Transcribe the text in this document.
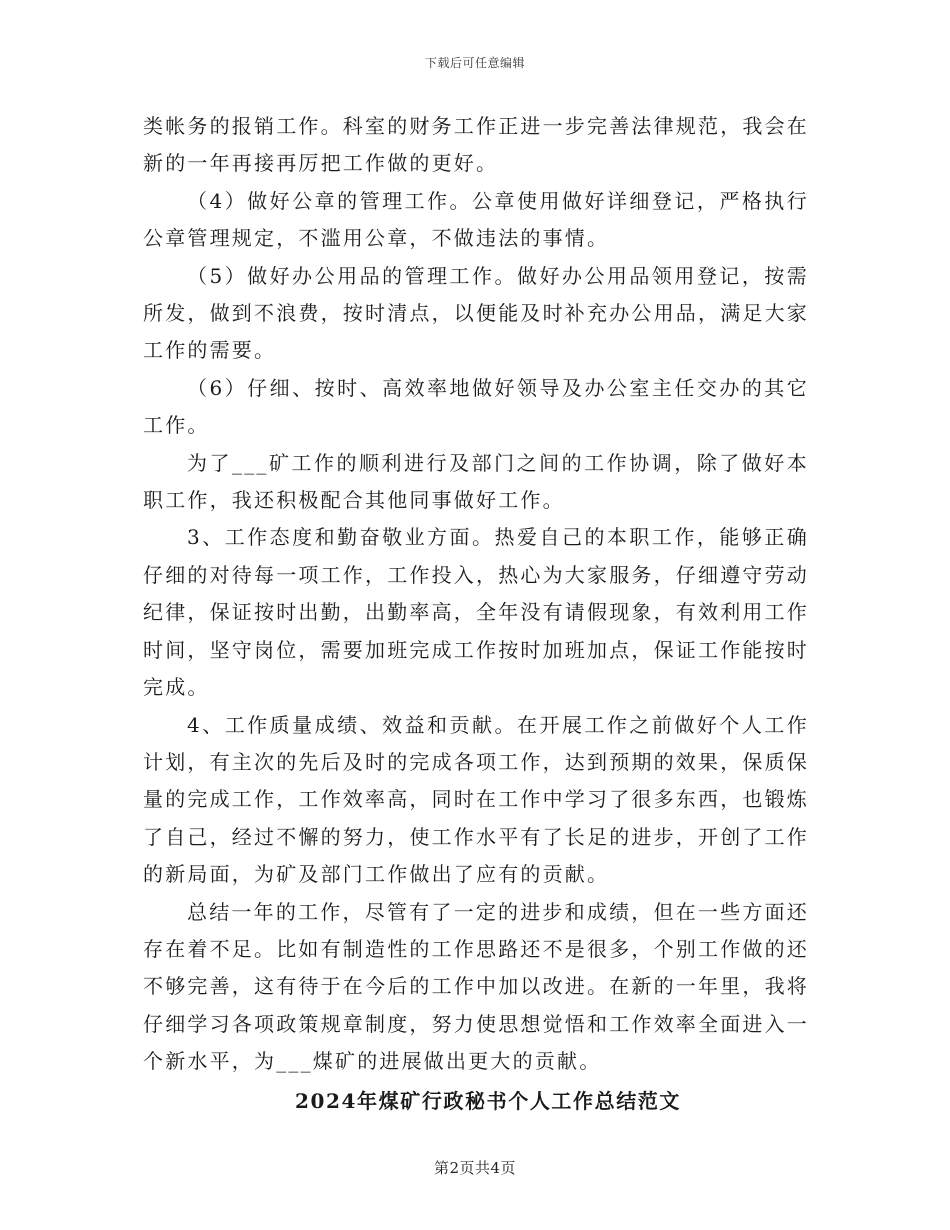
下载后可任意编辑

类帐务的报销工作。科室的财务工作正进一步完善法律规范，我会在新的一年再接再厉把工作做的更好。

（4）做好公章的管理工作。公章使用做好详细登记，严格执行公章管理规定，不滥用公章，不做违法的事情。

（5）做好办公用品的管理工作。做好办公用品领用登记，按需所发，做到不浪费，按时清点，以便能及时补充办公用品，满足大家工作的需要。

（6）仔细、按时、高效率地做好领导及办公室主任交办的其它工作。

为了___矿工作的顺利进行及部门之间的工作协调，除了做好本职工作，我还积极配合其他同事做好工作。

3、工作态度和勤奋敬业方面。热爱自己的本职工作，能够正确仔细的对待每一项工作，工作投入，热心为大家服务，仔细遵守劳动纪律，保证按时出勤，出勤率高，全年没有请假现象，有效利用工作时间，坚守岗位，需要加班完成工作按时加班加点，保证工作能按时完成。

4、工作质量成绩、效益和贡献。在开展工作之前做好个人工作计划，有主次的先后及时的完成各项工作，达到预期的效果，保质保量的完成工作，工作效率高，同时在工作中学习了很多东西，也锻炼了自己，经过不懈的努力，使工作水平有了长足的进步，开创了工作的新局面，为矿及部门工作做出了应有的贡献。

总结一年的工作，尽管有了一定的进步和成绩，但在一些方面还存在着不足。比如有制造性的工作思路还不是很多，个别工作做的还不够完善，这有待于在今后的工作中加以改进。在新的一年里，我将仔细学习各项政策规章制度，努力使思想觉悟和工作效率全面进入一个新水平，为___煤矿的进展做出更大的贡献。

2024年煤矿行政秘书个人工作总结范文
第2页共4页
